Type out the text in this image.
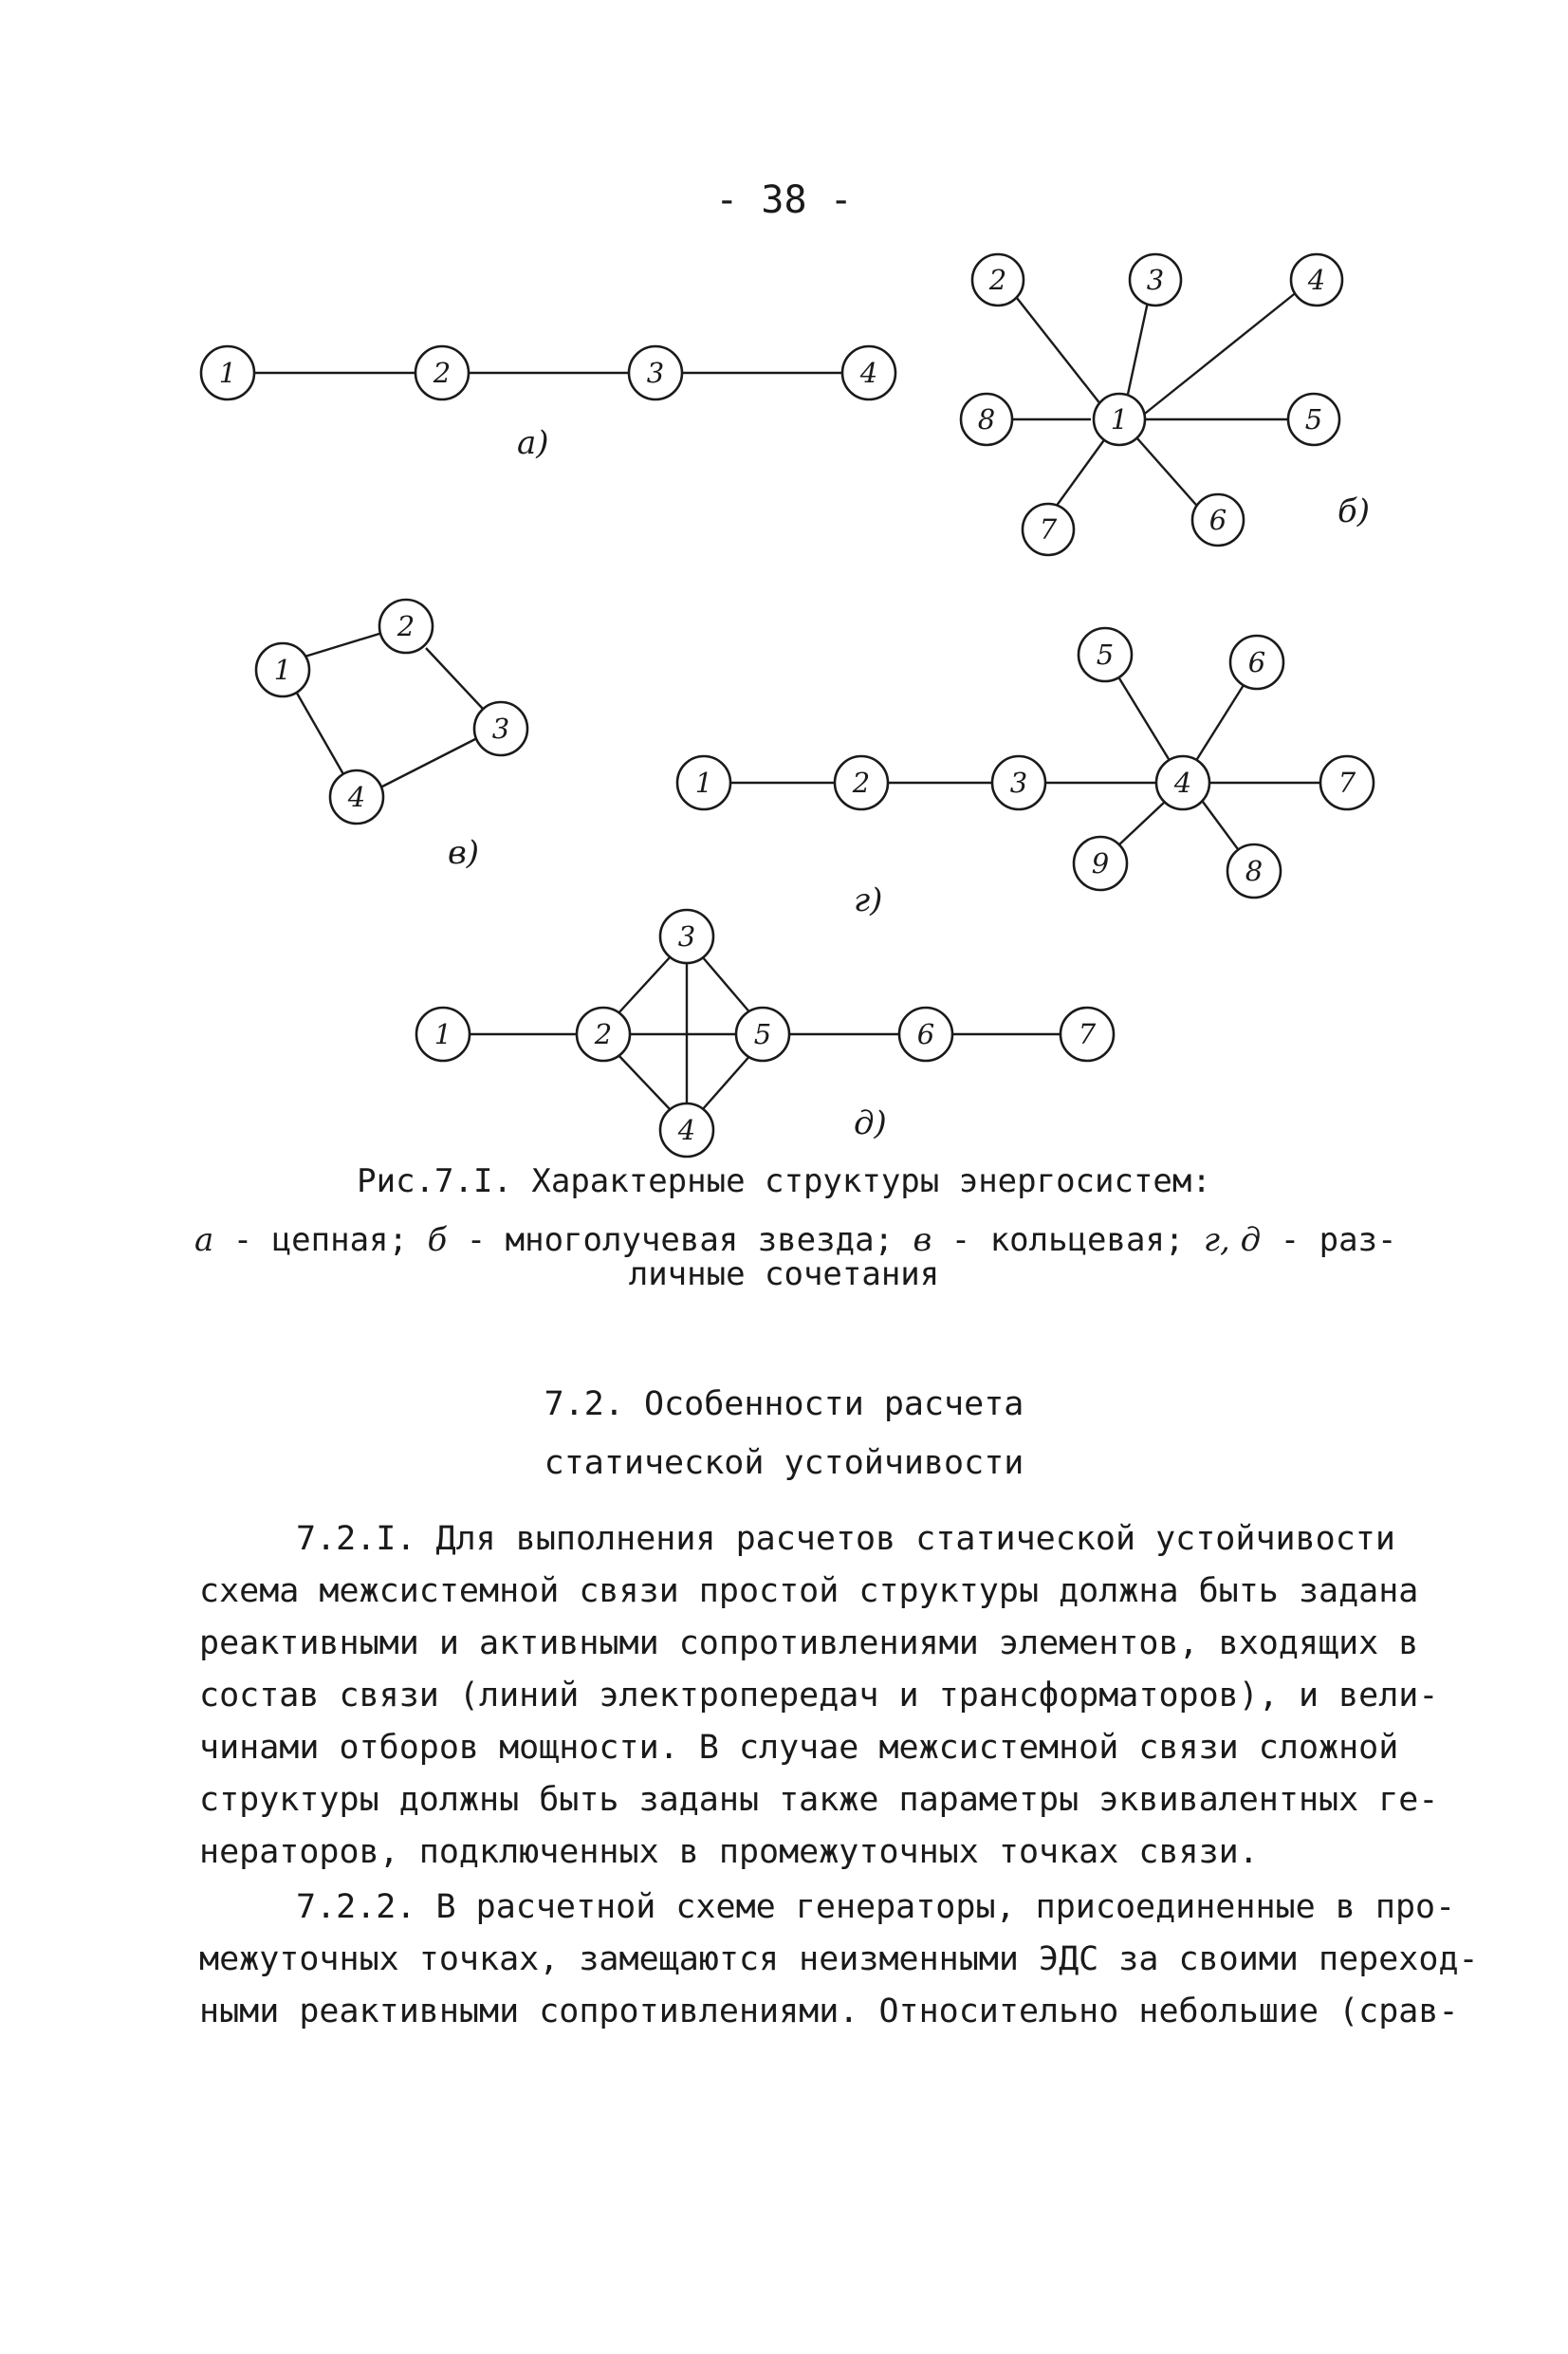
- 38 -
1	2	3	4
а)
1
2	3	4
5
6
7
8
б)
1
2
3
4
в)
1	2	3	4
5	6
7
8
9
г)
1	2
3
4
5	6	7
д)
Рис.7.I. Характерные структуры энергосистем:
а - цепная; б - многолучевая звезда; в - кольцевая; г, д - раз-
личные сочетания
7.2. Особенности расчета
статической устойчивости
7.2.I. Для выполнения расчетов статической устойчивости
схема межсистемной связи простой структуры должна быть задана
реактивными и активными сопротивлениями элементов, входящих в
состав связи (линий электропередач и трансформаторов), и вели-
чинами отборов мощности. В случае межсистемной связи сложной
структуры должны быть заданы также параметры эквивалентных ге-
нераторов, подключенных в промежуточных точках связи.
7.2.2. В расчетной схеме генераторы, присоединенные в про-
межуточных точках, замещаются неизменными ЭДС за своими переход-
ными реактивными сопротивлениями. Относительно небольшие (срав-
